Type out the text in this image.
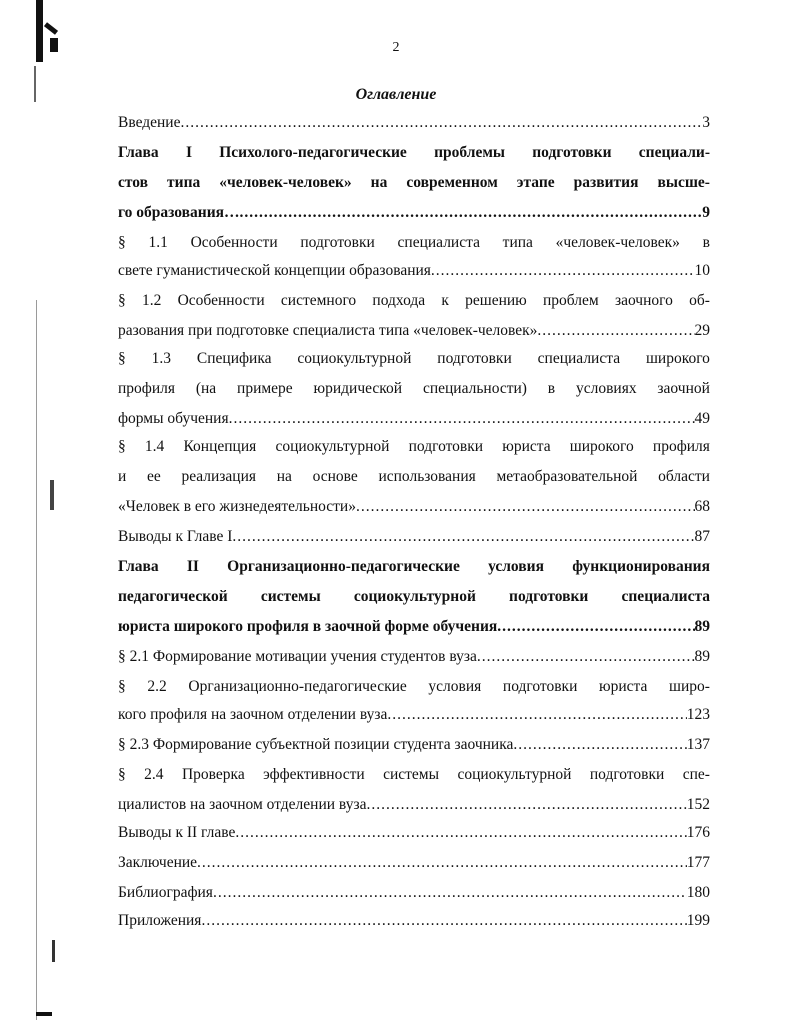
2
Оглавление
Введение .....	3
Глава I Психолого-педагогические проблемы подготовки специали-
стов типа «человек-человек» на современном этапе развития высше-
го образования… .....	9
§ 1.1 Особенности подготовки специалиста типа «человек-человек» в
свете гуманистической концепции образования .....	10
§ 1.2 Особенности системного подхода к решению проблем заочного об-
разования при подготовке специалиста типа «человек-человек» .....	29
§ 1.3 Специфика социокультурной подготовки специалиста широкого
профиля (на примере юридической специальности) в условиях заочной
формы обучения .....	49
§ 1.4 Концепция социокультурной подготовки юриста широкого профиля
и ее реализация на основе использования метаобразовательной области
«Человек в его жизнедеятельности» .....	68
Выводы к Главе I .....	87
Глава II Организационно-педагогические условия функционирования
педагогической системы социокультурной подготовки специалиста
юриста широкого профиля в заочной форме обучения .....	89
§ 2.1 Формирование мотивации учения студентов вуза .....	89
§ 2.2 Организационно-педагогические условия подготовки юриста широ-
кого профиля на заочном отделении вуза .....	123
§ 2.3 Формирование субъектной позиции студента заочника .....	137
§ 2.4 Проверка эффективности системы социокультурной подготовки спе-
циалистов на заочном отделении вуза .....	152
Выводы к II главе .....	176
Заключение .....	177
Библиография .....	180
Приложения .....	199
